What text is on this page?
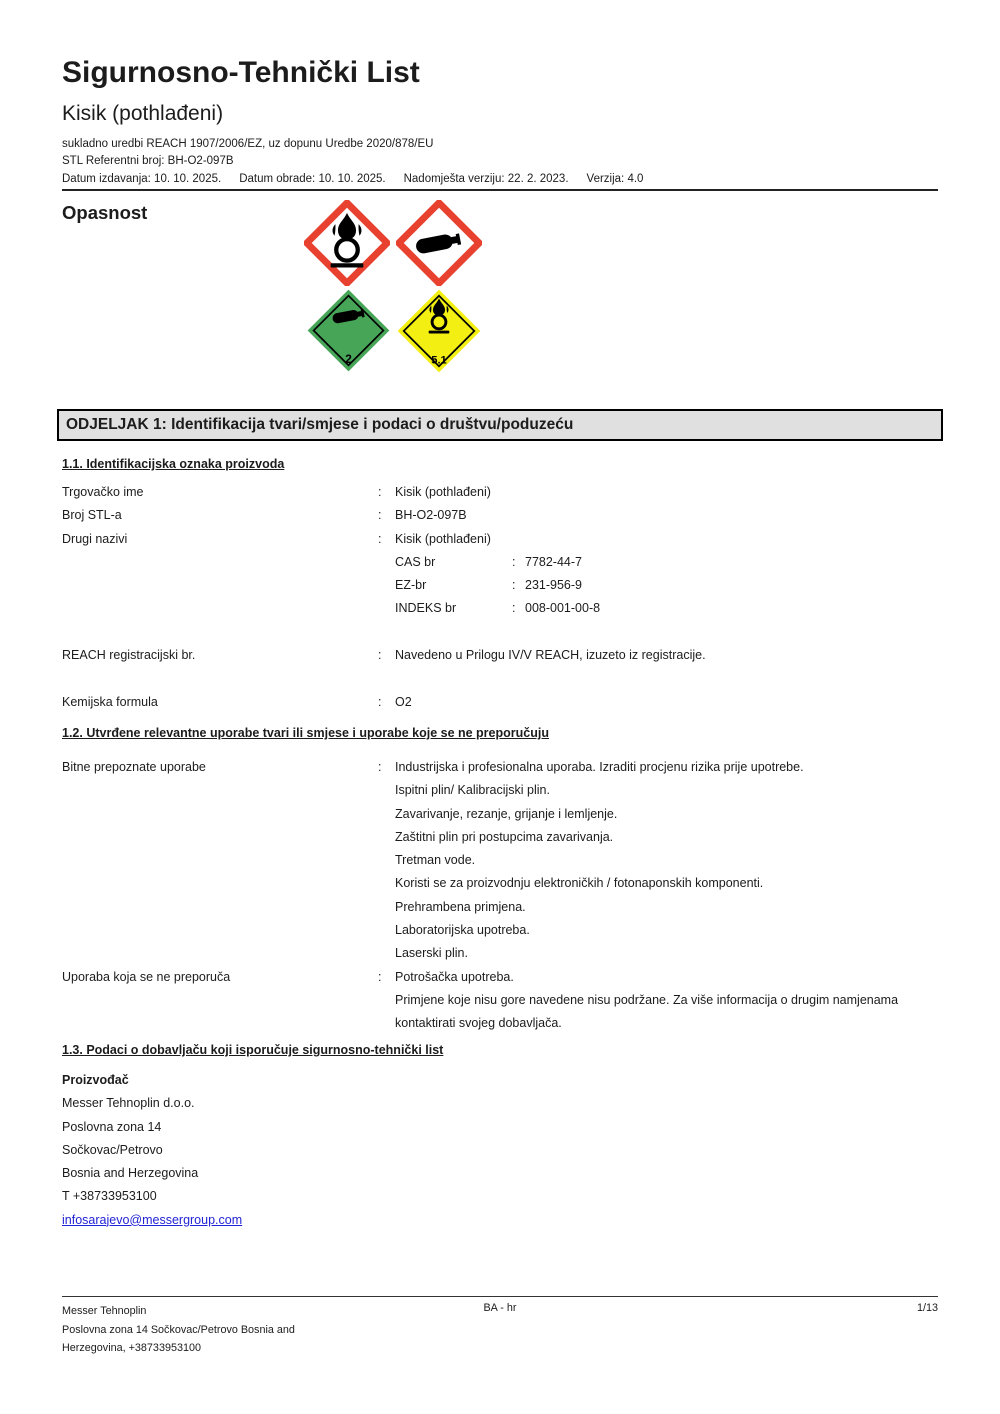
Sigurnosno-Tehnički List
Kisik (pothlađeni)
sukladno uredbi REACH 1907/2006/EZ, uz dopunu Uredbe 2020/878/EU
STL Referentni broj: BH-O2-097B
Datum izdavanja: 10. 10. 2025. Datum obrade: 10. 10. 2025. Nadomješta verziju: 22. 2. 2023. Verzija: 4.0
Opasnost
2	5.1
ODJELJAK 1: Identifikacija tvari/smjese i podaci o društvu/poduzeću
1.1. Identifikacijska oznaka proizvoda
Trgovačko ime	: Kisik (pothlađeni)
Broj STL-a	: BH-O2-097B
Drugi nazivi	: Kisik (pothlađeni)
CAS br	: 7782-44-7
EZ-br	: 231-956-9
INDEKS br	: 008-001-00-8
REACH registracijski br.	: Navedeno u Prilogu IV/V REACH, izuzeto iz registracije.
Kemijska formula	: O2
1.2. Utvrđene relevantne uporabe tvari ili smjese i uporabe koje se ne preporučuju
Bitne prepoznate uporabe	: Industrijska i profesionalna uporaba. Izraditi procjenu rizika prije upotrebe.
Ispitni plin/ Kalibracijski plin.
Zavarivanje, rezanje, grijanje i lemljenje.
Zaštitni plin pri postupcima zavarivanja.
Tretman vode.
Koristi se za proizvodnju elektroničkih / fotonaponskih komponenti.
Prehrambena primjena.
Laboratorijska upotreba.
Laserski plin.
Uporaba koja se ne preporuča	: Potrošačka upotreba.
Primjene koje nisu gore navedene nisu podržane. Za više informacija o drugim namjenama
kontaktirati svojeg dobavljača.
1.3. Podaci o dobavljaču koji isporučuje sigurnosno-tehnički list
Proizvođač
Messer Tehnoplin d.o.o.
Poslovna zona 14
Sočkovac/Petrovo
Bosnia and Herzegovina
T +38733953100
infosarajevo@messergroup.com
Messer Tehnoplin
Poslovna zona 14 Sočkovac/Petrovo Bosnia and
Herzegovina, +38733953100
BA - hr	1/13
